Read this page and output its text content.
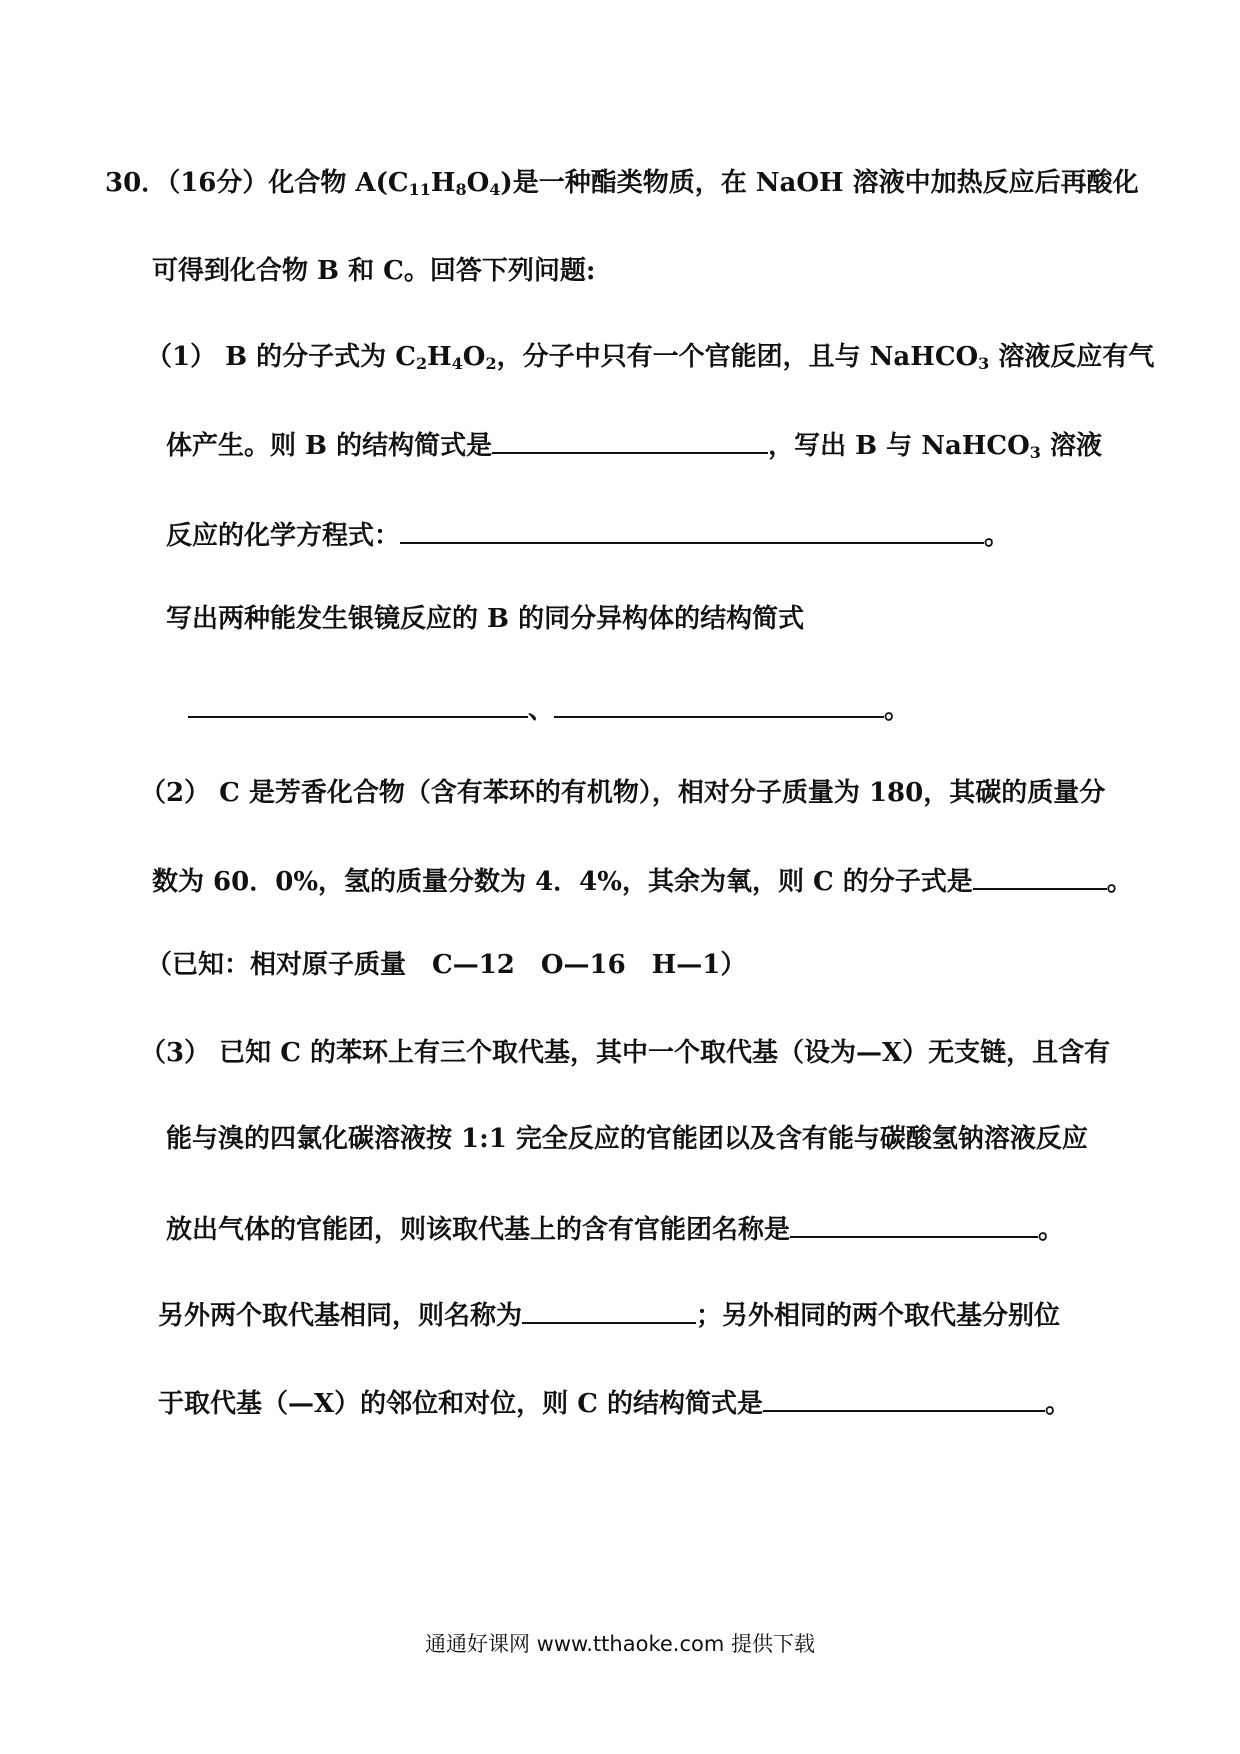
30．（16分）化合物 $A(C_{11}H_8O_4)$是一种酯类物质，在 NaOH 溶液中加热反应后再酸化
可得到化合物 B 和 C。回答下列问题:
（1） B 的分子式为 $C_2H_4O_2$，分子中只有一个官能团，且与 NaHCO$_3$ 溶液反应有气
体产生。则 B 的结构简式是	，写出 B 与 NaHCO$_3$ 溶液
反应的化学方程式：	。
写出两种能发生银镜反应的 B 的同分异构体的结构简式
、	。
（2） C 是芳香化合物（含有苯环的有机物），相对分子质量为 180，其碳的质量分
数为 60．0%，氢的质量分数为 4．4%，其余为氧，则 C 的分子式是	。
（已知：相对原子质量　C—12　O—16　H—1）
（3） 已知 C 的苯环上有三个取代基，其中一个取代基（设为—X）无支链，且含有
能与溴的四氯化碳溶液按 1:1 完全反应的官能团以及含有能与碳酸氢钠溶液反应
放出气体的官能团，则该取代基上的含有官能团名称是	。
另外两个取代基相同，则名称为	；另外相同的两个取代基分别位
于取代基（—X）的邻位和对位，则 C 的结构简式是	。
通通好课网 www.tthaoke.com 提供下载
